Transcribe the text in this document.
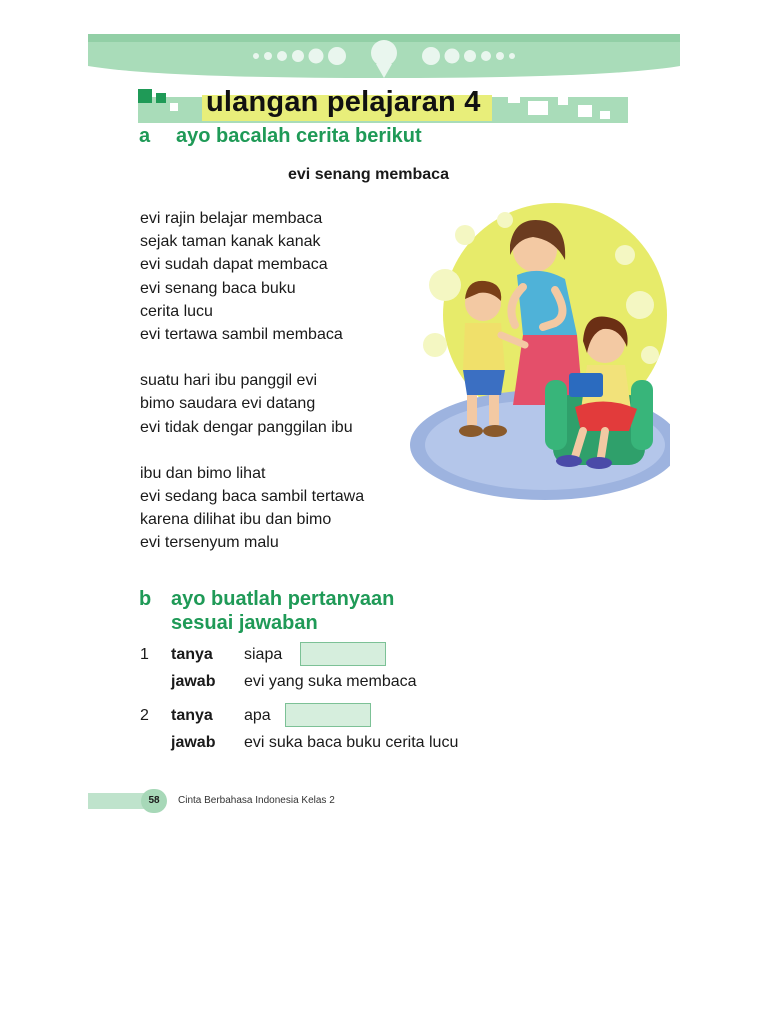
ulangan pelajaran 4
a ayo bacalah cerita berikut
evi senang membaca
evi rajin belajar membaca
sejak taman kanak kanak
evi sudah dapat membaca
evi senang baca buku
cerita lucu
evi tertawa sambil membaca
suatu hari ibu panggil evi
bimo saudara evi datang
evi tidak dengar panggilan ibu
ibu dan bimo lihat
evi sedang baca sambil tertawa
karena dilihat ibu dan bimo
evi tersenyum malu
b ayo buatlah pertanyaan
sesuai jawaban
1 tanya siapa
jawab evi yang suka membaca
2 tanya apa
jawab evi suka baca buku cerita lucu
58	Cinta Berbahasa Indonesia Kelas 2
